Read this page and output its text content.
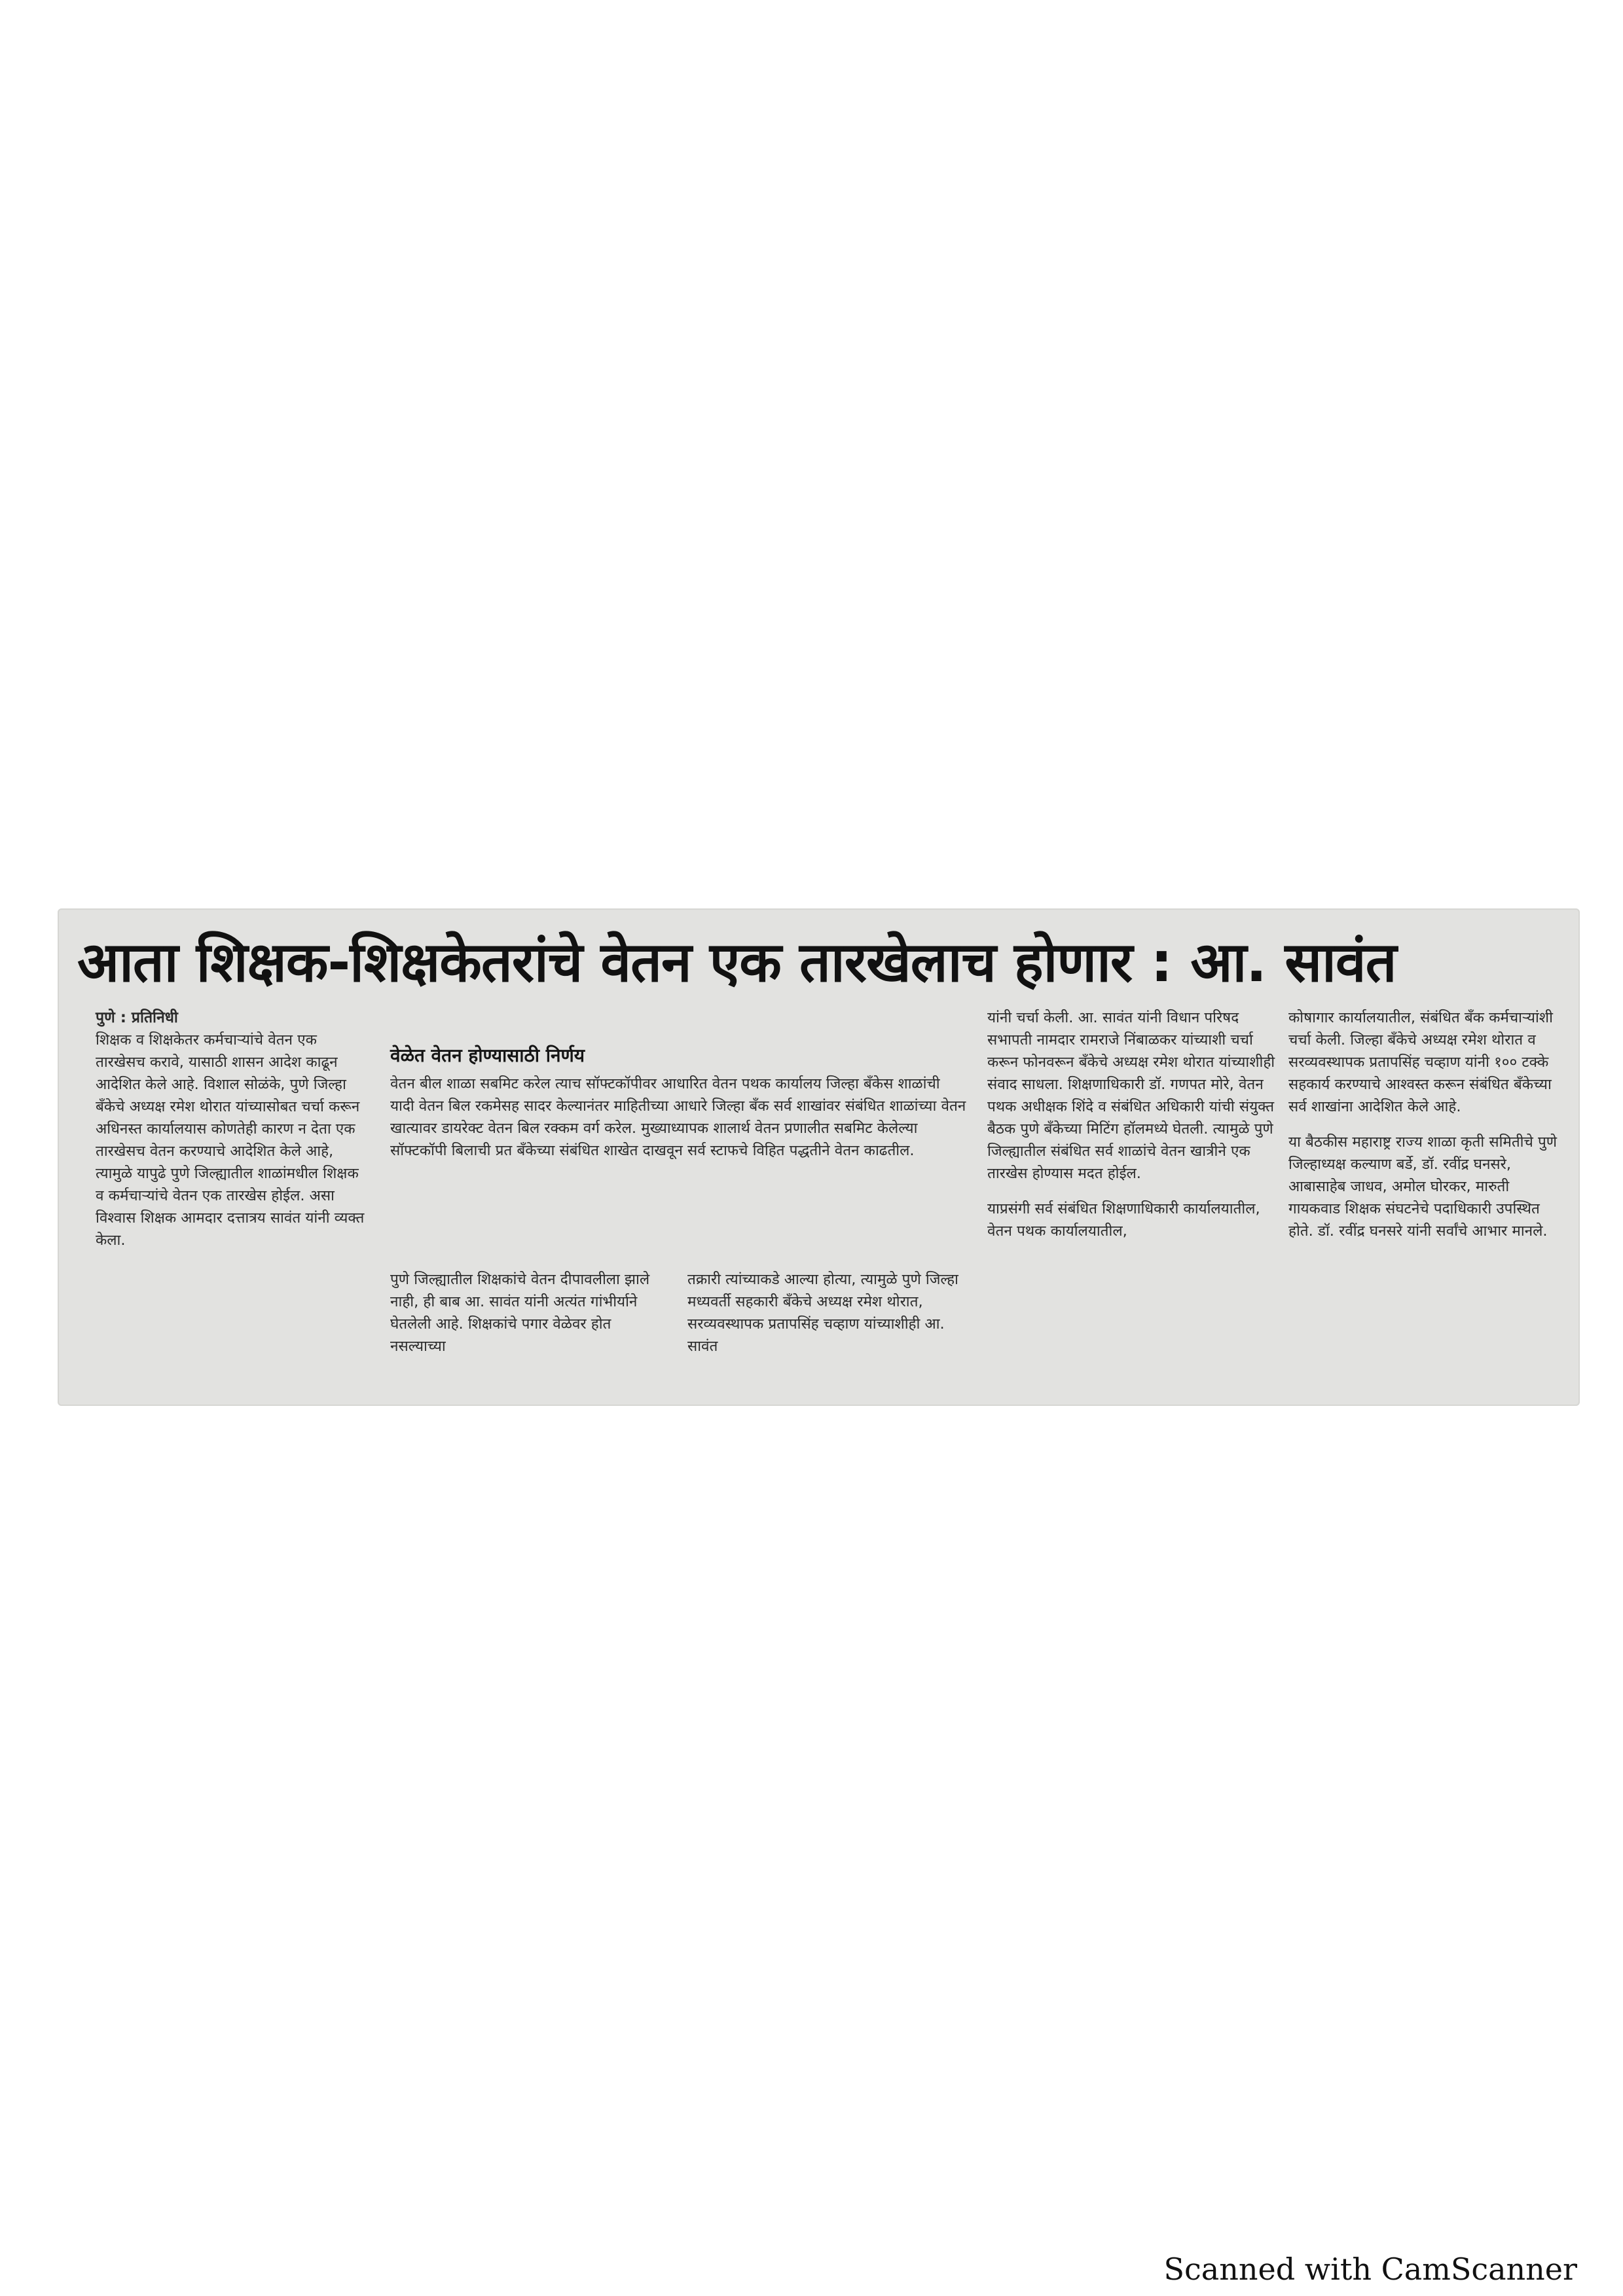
आता शिक्षक-शिक्षकेतरांचे वेतन एक तारखेलाच होणार : आ. सावंत

पुणे : प्रतिनिधी

शिक्षक व शिक्षकेतर कर्मचाऱ्यांचे वेतन एक तारखेसच करावे, यासाठी शासन आदेश काढून आदेशित केले आहे. विशाल सोळंके, पुणे जिल्हा बँकेचे अध्यक्ष रमेश थोरात यांच्यासोबत चर्चा करून अधिनस्त कार्यालयास कोणतेही कारण न देता एक तारखेसच वेतन करण्याचे आदेशित केले आहे, त्यामुळे यापुढे पुणे जिल्ह्यातील शाळांमधील शिक्षक व कर्मचाऱ्यांचे वेतन एक तारखेस होईल. असा विश्वास शिक्षक आमदार दत्तात्रय सावंत यांनी व्यक्त केला.

वेळेत वेतन होण्यासाठी निर्णय

वेतन बील शाळा सबमिट करेल त्याच सॉफ्टकॉपीवर आधारित वेतन पथक कार्यालय जिल्हा बँकेस शाळांची यादी वेतन बिल रकमेसह सादर केल्यानंतर माहितीच्या आधारे जिल्हा बँक सर्व शाखांवर संबंधित शाळांच्या वेतन खात्यावर डायरेक्ट वेतन बिल रक्कम वर्ग करेल. मुख्याध्यापक शालार्थ वेतन प्रणालीत सबमिट केलेल्या सॉफ्टकॉपी बिलाची प्रत बँकेच्या संबंधित शाखेत दाखवून सर्व स्टाफचे विहित पद्धतीने वेतन काढतील.

पुणे जिल्ह्यातील शिक्षकांचे वेतन दीपावलीला झाले नाही, ही बाब आ. सावंत यांनी अत्यंत गांभीर्याने घेतलेली आहे. शिक्षकांचे पगार वेळेवर होत नसल्याच्या

तक्रारी त्यांच्याकडे आल्या होत्या, त्यामुळे पुणे जिल्हा मध्यवर्ती सहकारी बँकेचे अध्यक्ष रमेश थोरात, सरव्यवस्थापक प्रतापसिंह चव्हाण यांच्याशीही आ. सावंत

यांनी चर्चा केली. आ. सावंत यांनी विधान परिषद सभापती नामदार रामराजे निंबाळकर यांच्याशी चर्चा करून फोनवरून बँकेचे अध्यक्ष रमेश थोरात यांच्याशीही संवाद साधला. शिक्षणाधिकारी डॉ. गणपत मोरे, वेतन पथक अधीक्षक शिंदे व संबंधित अधिकारी यांची संयुक्त बैठक पुणे बँकेच्या मिटिंग हॉलमध्ये घेतली. त्यामुळे पुणे जिल्ह्यातील संबंधित सर्व शाळांचे वेतन खात्रीने एक तारखेस होण्यास मदत होईल.

याप्रसंगी सर्व संबंधित शिक्षणाधिकारी कार्यालयातील, वेतन पथक कार्यालयातील,

कोषागार कार्यालयातील, संबंधित बँक कर्मचाऱ्यांशी चर्चा केली. जिल्हा बँकेचे अध्यक्ष रमेश थोरात व सरव्यवस्थापक प्रतापसिंह चव्हाण यांनी १०० टक्के सहकार्य करण्याचे आश्वस्त करून संबंधित बँकेच्या सर्व शाखांना आदेशित केले आहे.

या बैठकीस महाराष्ट्र राज्य शाळा कृती समितीचे पुणे जिल्हाध्यक्ष कल्याण बर्डे, डॉ. रवींद्र घनसरे, आबासाहेब जाधव, अमोल घोरकर, मारुती गायकवाड शिक्षक संघटनेचे पदाधिकारी उपस्थित होते. डॉ. रवींद्र घनसरे यांनी सर्वांचे आभार मानले.

Scanned with CamScanner
